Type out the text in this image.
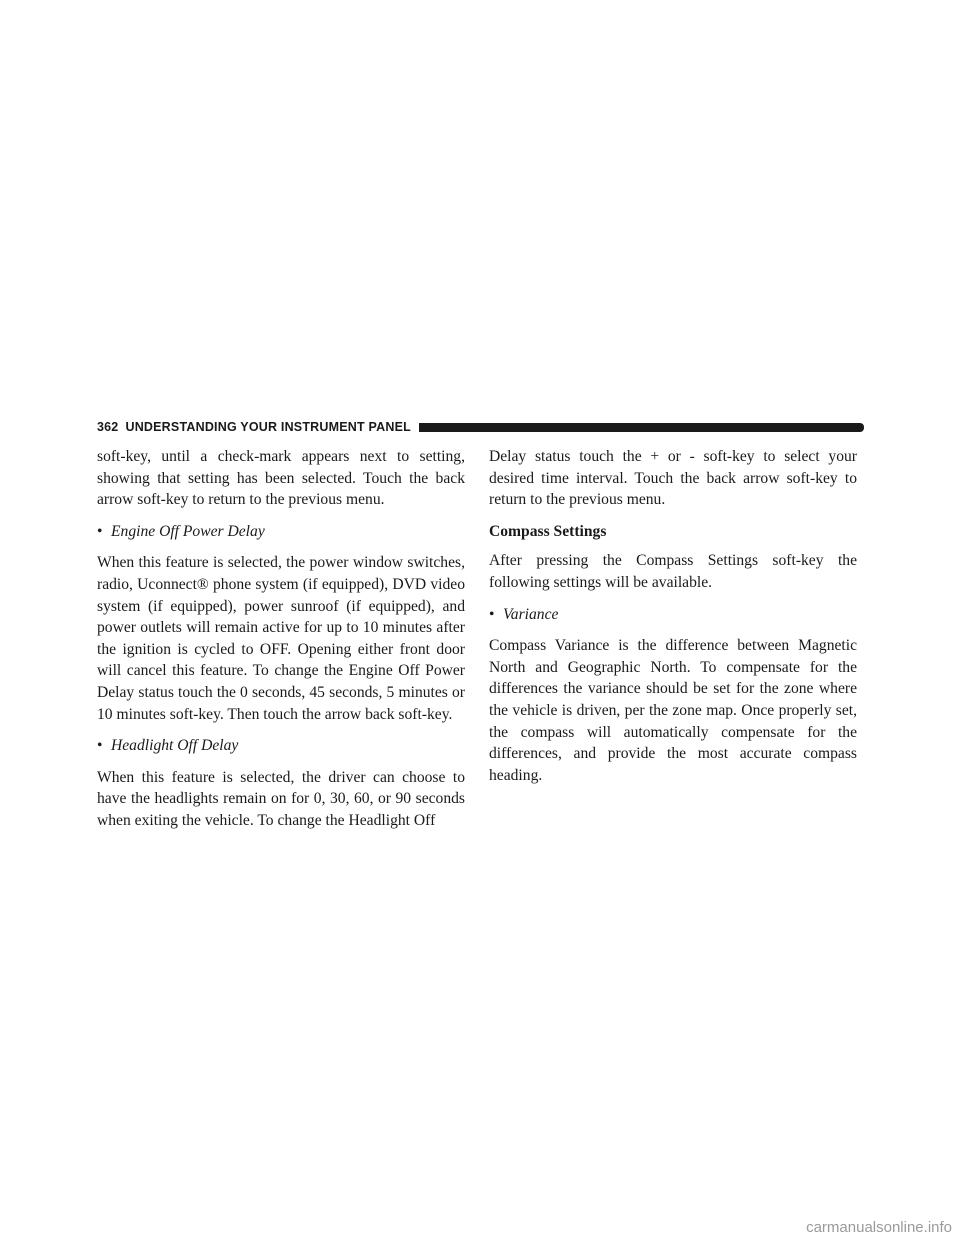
362 UNDERSTANDING YOUR INSTRUMENT PANEL

soft-key, until a check-mark appears next to setting, showing that setting has been selected. Touch the back arrow soft-key to return to the previous menu.

• Engine Off Power Delay

When this feature is selected, the power window switches, radio, Uconnect® phone system (if equipped), DVD video system (if equipped), power sunroof (if equipped), and power outlets will remain active for up to 10 minutes after the ignition is cycled to OFF. Opening either front door will cancel this feature. To change the Engine Off Power Delay status touch the 0 seconds, 45 seconds, 5 minutes or 10 minutes soft-key. Then touch the arrow back soft-key.

• Headlight Off Delay

When this feature is selected, the driver can choose to have the headlights remain on for 0, 30, 60, or 90 seconds when exiting the vehicle. To change the Headlight Off

Delay status touch the + or - soft-key to select your desired time interval. Touch the back arrow soft-key to return to the previous menu.

Compass Settings

After pressing the Compass Settings soft-key the following settings will be available.

• Variance

Compass Variance is the difference between Magnetic North and Geographic North. To compensate for the differences the variance should be set for the zone where the vehicle is driven, per the zone map. Once properly set, the compass will automatically compensate for the differences, and provide the most accurate compass heading.

carmanualsonline.info
